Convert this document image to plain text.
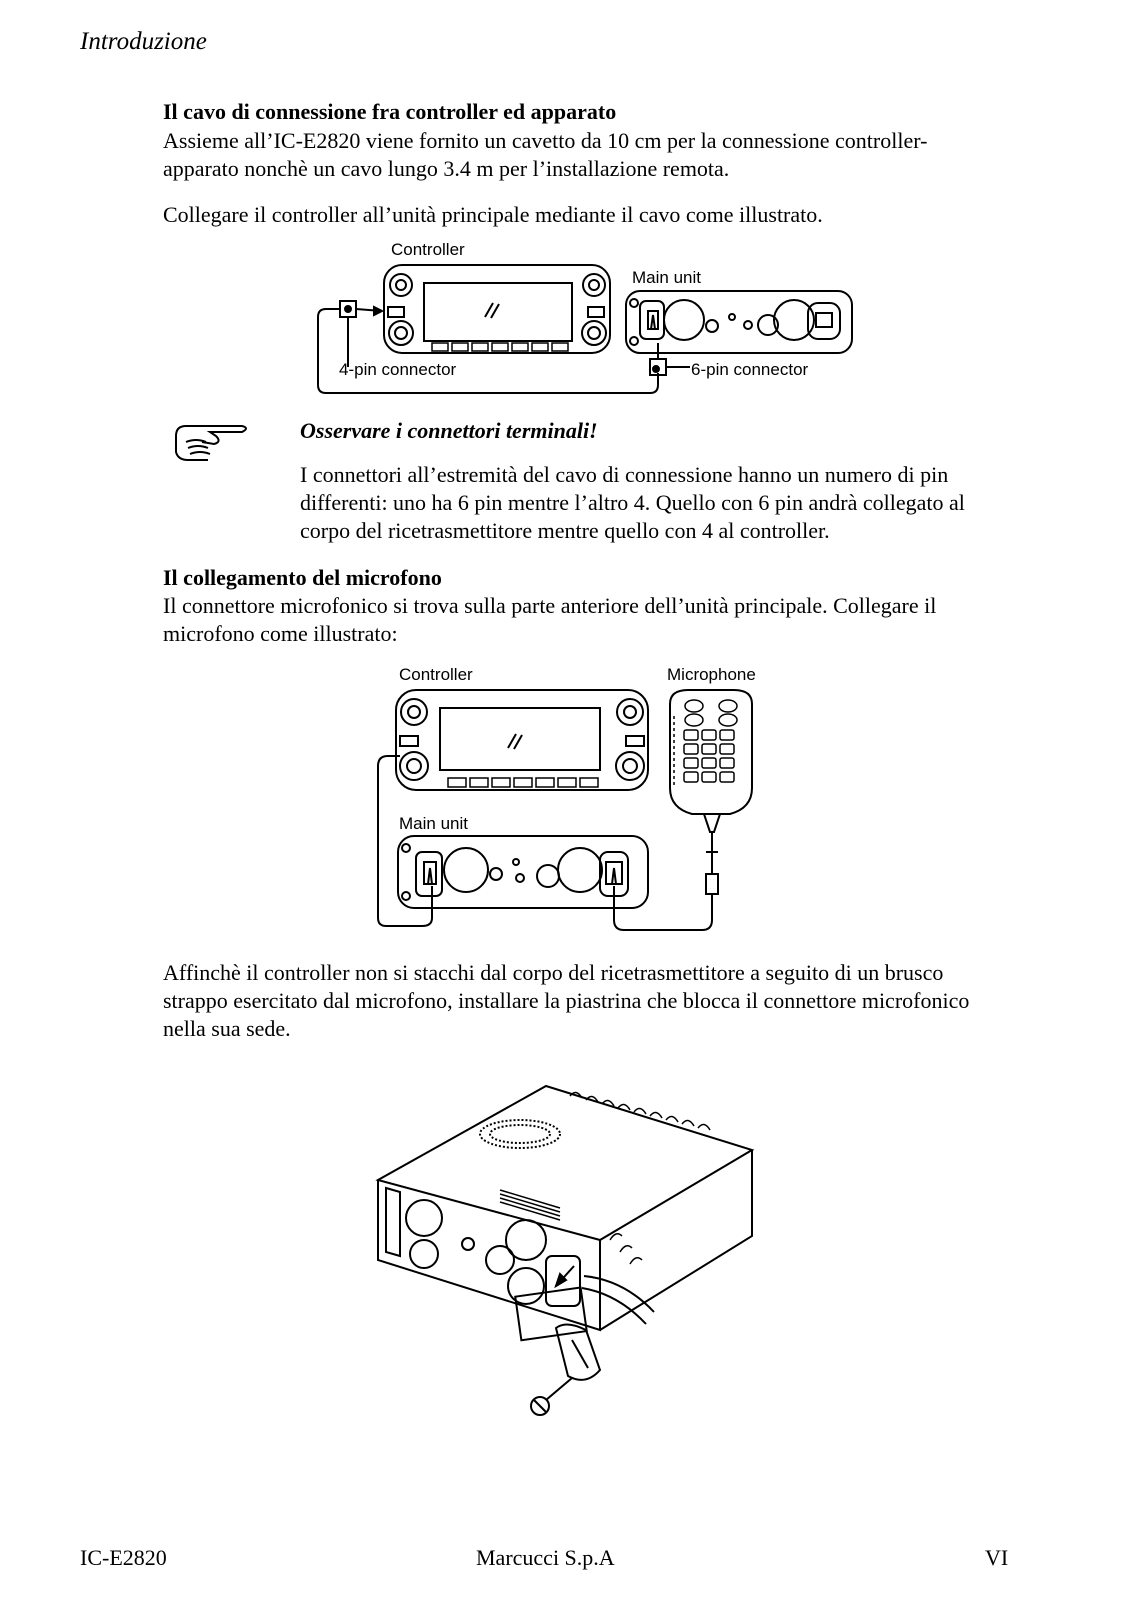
Introduzione
Il cavo di connessione fra controller ed apparato
Assieme all’IC-E2820 viene fornito un cavetto da 10 cm per la connessione controller-
apparato nonchè un cavo lungo 3.4 m per l’installazione remota.
Collegare il controller all’unità principale mediante il cavo come illustrato.
Controller
Main unit
4-pin connector	6-pin connector
Osservare i connettori terminali!
I connettori all’estremità del cavo di connessione hanno un numero di pin
differenti: uno ha 6 pin mentre l’altro 4. Quello con 6 pin andrà collegato al
corpo del ricetrasmettitore mentre quello con 4 al controller.
Il collegamento del microfono
Il connettore microfonico si trova sulla parte anteriore dell’unità principale. Collegare il
microfono come illustrato:
Controller	Microphone
Main unit
Affinchè il controller non si stacchi dal corpo del ricetrasmettitore a seguito di un brusco
strappo esercitato dal microfono, installare la piastrina che blocca il connettore microfonico
nella sua sede.
IC-E2820	Marcucci S.p.A	VI
